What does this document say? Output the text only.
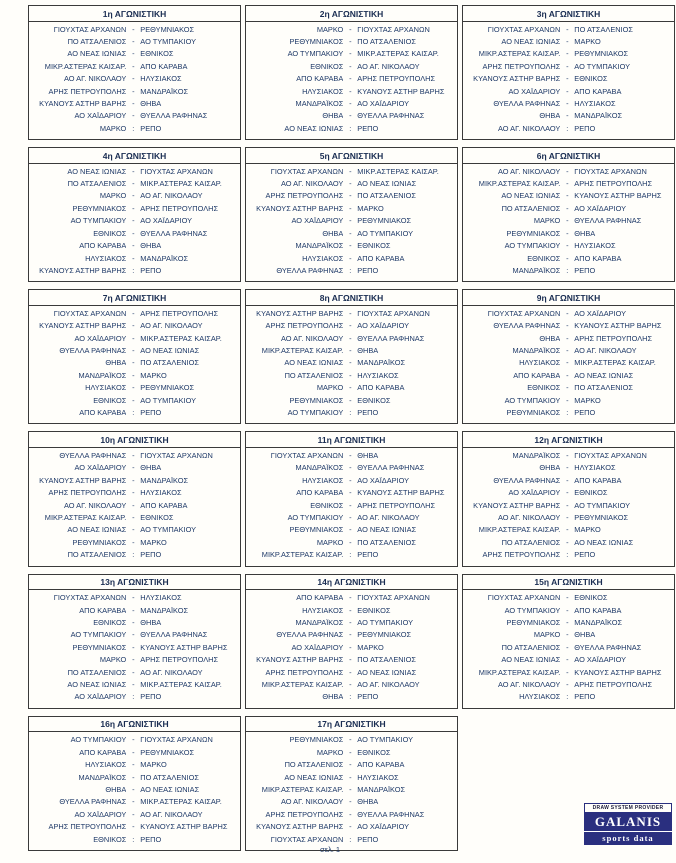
1η ΑΓΩΝΙΣΤΙΚΗ
ΓΙΟΥΧΤΑΣ ΑΡΧΑΝΩΝ - ΡΕΘΥΜΝΙΑΚΟΣ
ΠΟ ΑΤΣΑΛΕΝΙΟΣ - ΑΟ ΤΥΜΠΑΚΙΟΥ
ΑΟ ΝΕΑΣ ΙΩΝΙΑΣ - ΕΘΝΙΚΟΣ
ΜΙΚΡ.ΑΣΤΕΡΑΣ ΚΑΙΣΑΡ. - ΑΠΟ ΚΑΡΑΒΑ
ΑΟ ΑΓ. ΝΙΚΟΛΑΟΥ - ΗΛΥΣΙΑΚΟΣ
ΑΡΗΣ ΠΕΤΡΟΥΠΟΛΗΣ - ΜΑΝΔΡΑΪΚΟΣ
ΚΥΑΝΟΥΣ ΑΣΤΗΡ ΒΑΡΗΣ - ΘΗΒΑ
ΑΟ ΧΑΪΔΑΡΙΟΥ - ΘΥΕΛΛΑ ΡΑΦΗΝΑΣ
ΜΑΡΚΟ : ΡΕΠΟ
2η ΑΓΩΝΙΣΤΙΚΗ
ΜΑΡΚΟ - ΓΙΟΥΧΤΑΣ ΑΡΧΑΝΩΝ
ΡΕΘΥΜΝΙΑΚΟΣ - ΠΟ ΑΤΣΑΛΕΝΙΟΣ
ΑΟ ΤΥΜΠΑΚΙΟΥ - ΜΙΚΡ.ΑΣΤΕΡΑΣ ΚΑΙΣΑΡ.
ΕΘΝΙΚΟΣ - ΑΟ ΑΓ. ΝΙΚΟΛΑΟΥ
ΑΠΟ ΚΑΡΑΒΑ - ΑΡΗΣ ΠΕΤΡΟΥΠΟΛΗΣ
ΗΛΥΣΙΑΚΟΣ - ΚΥΑΝΟΥΣ ΑΣΤΗΡ ΒΑΡΗΣ
ΜΑΝΔΡΑΪΚΟΣ - ΑΟ ΧΑΪΔΑΡΙΟΥ
ΘΗΒΑ - ΘΥΕΛΛΑ ΡΑΦΗΝΑΣ
ΑΟ ΝΕΑΣ ΙΩΝΙΑΣ : ΡΕΠΟ
3η ΑΓΩΝΙΣΤΙΚΗ
ΓΙΟΥΧΤΑΣ ΑΡΧΑΝΩΝ - ΠΟ ΑΤΣΑΛΕΝΙΟΣ
ΑΟ ΝΕΑΣ ΙΩΝΙΑΣ - ΜΑΡΚΟ
ΜΙΚΡ.ΑΣΤΕΡΑΣ ΚΑΙΣΑΡ. - ΡΕΘΥΜΝΙΑΚΟΣ
ΑΡΗΣ ΠΕΤΡΟΥΠΟΛΗΣ - ΑΟ ΤΥΜΠΑΚΙΟΥ
ΚΥΑΝΟΥΣ ΑΣΤΗΡ ΒΑΡΗΣ - ΕΘΝΙΚΟΣ
ΑΟ ΧΑΪΔΑΡΙΟΥ - ΑΠΟ ΚΑΡΑΒΑ
ΘΥΕΛΛΑ ΡΑΦΗΝΑΣ - ΗΛΥΣΙΑΚΟΣ
ΘΗΒΑ - ΜΑΝΔΡΑΪΚΟΣ
ΑΟ ΑΓ. ΝΙΚΟΛΑΟΥ : ΡΕΠΟ
4η ΑΓΩΝΙΣΤΙΚΗ
ΑΟ ΝΕΑΣ ΙΩΝΙΑΣ - ΓΙΟΥΧΤΑΣ ΑΡΧΑΝΩΝ
ΠΟ ΑΤΣΑΛΕΝΙΟΣ - ΜΙΚΡ.ΑΣΤΕΡΑΣ ΚΑΙΣΑΡ.
ΜΑΡΚΟ - ΑΟ ΑΓ. ΝΙΚΟΛΑΟΥ
ΡΕΘΥΜΝΙΑΚΟΣ - ΑΡΗΣ ΠΕΤΡΟΥΠΟΛΗΣ
ΑΟ ΤΥΜΠΑΚΙΟΥ - ΑΟ ΧΑΪΔΑΡΙΟΥ
ΕΘΝΙΚΟΣ - ΘΥΕΛΛΑ ΡΑΦΗΝΑΣ
ΑΠΟ ΚΑΡΑΒΑ - ΘΗΒΑ
ΗΛΥΣΙΑΚΟΣ - ΜΑΝΔΡΑΪΚΟΣ
ΚΥΑΝΟΥΣ ΑΣΤΗΡ ΒΑΡΗΣ : ΡΕΠΟ
5η ΑΓΩΝΙΣΤΙΚΗ
ΓΙΟΥΧΤΑΣ ΑΡΧΑΝΩΝ - ΜΙΚΡ.ΑΣΤΕΡΑΣ ΚΑΙΣΑΡ.
ΑΟ ΑΓ. ΝΙΚΟΛΑΟΥ - ΑΟ ΝΕΑΣ ΙΩΝΙΑΣ
ΑΡΗΣ ΠΕΤΡΟΥΠΟΛΗΣ - ΠΟ ΑΤΣΑΛΕΝΙΟΣ
ΚΥΑΝΟΥΣ ΑΣΤΗΡ ΒΑΡΗΣ - ΜΑΡΚΟ
ΑΟ ΧΑΪΔΑΡΙΟΥ - ΡΕΘΥΜΝΙΑΚΟΣ
ΘΗΒΑ - ΑΟ ΤΥΜΠΑΚΙΟΥ
ΜΑΝΔΡΑΪΚΟΣ - ΕΘΝΙΚΟΣ
ΗΛΥΣΙΑΚΟΣ - ΑΠΟ ΚΑΡΑΒΑ
ΘΥΕΛΛΑ ΡΑΦΗΝΑΣ : ΡΕΠΟ
6η ΑΓΩΝΙΣΤΙΚΗ
ΑΟ ΑΓ. ΝΙΚΟΛΑΟΥ - ΓΙΟΥΧΤΑΣ ΑΡΧΑΝΩΝ
ΜΙΚΡ.ΑΣΤΕΡΑΣ ΚΑΙΣΑΡ. - ΑΡΗΣ ΠΕΤΡΟΥΠΟΛΗΣ
ΑΟ ΝΕΑΣ ΙΩΝΙΑΣ - ΚΥΑΝΟΥΣ ΑΣΤΗΡ ΒΑΡΗΣ
ΠΟ ΑΤΣΑΛΕΝΙΟΣ - ΑΟ ΧΑΪΔΑΡΙΟΥ
ΜΑΡΚΟ - ΘΥΕΛΛΑ ΡΑΦΗΝΑΣ
ΡΕΘΥΜΝΙΑΚΟΣ - ΘΗΒΑ
ΑΟ ΤΥΜΠΑΚΙΟΥ - ΗΛΥΣΙΑΚΟΣ
ΕΘΝΙΚΟΣ - ΑΠΟ ΚΑΡΑΒΑ
ΜΑΝΔΡΑΪΚΟΣ : ΡΕΠΟ
7η ΑΓΩΝΙΣΤΙΚΗ
ΓΙΟΥΧΤΑΣ ΑΡΧΑΝΩΝ - ΑΡΗΣ ΠΕΤΡΟΥΠΟΛΗΣ
ΚΥΑΝΟΥΣ ΑΣΤΗΡ ΒΑΡΗΣ - ΑΟ ΑΓ. ΝΙΚΟΛΑΟΥ
ΑΟ ΧΑΪΔΑΡΙΟΥ - ΜΙΚΡ.ΑΣΤΕΡΑΣ ΚΑΙΣΑΡ.
ΘΥΕΛΛΑ ΡΑΦΗΝΑΣ - ΑΟ ΝΕΑΣ ΙΩΝΙΑΣ
ΘΗΒΑ - ΠΟ ΑΤΣΑΛΕΝΙΟΣ
ΜΑΝΔΡΑΪΚΟΣ - ΜΑΡΚΟ
ΗΛΥΣΙΑΚΟΣ - ΡΕΘΥΜΝΙΑΚΟΣ
ΕΘΝΙΚΟΣ - ΑΟ ΤΥΜΠΑΚΙΟΥ
ΑΠΟ ΚΑΡΑΒΑ : ΡΕΠΟ
8η ΑΓΩΝΙΣΤΙΚΗ
ΚΥΑΝΟΥΣ ΑΣΤΗΡ ΒΑΡΗΣ - ΓΙΟΥΧΤΑΣ ΑΡΧΑΝΩΝ
ΑΡΗΣ ΠΕΤΡΟΥΠΟΛΗΣ - ΑΟ ΧΑΪΔΑΡΙΟΥ
ΑΟ ΑΓ. ΝΙΚΟΛΑΟΥ - ΘΥΕΛΛΑ ΡΑΦΗΝΑΣ
ΜΙΚΡ.ΑΣΤΕΡΑΣ ΚΑΙΣΑΡ. - ΘΗΒΑ
ΑΟ ΝΕΑΣ ΙΩΝΙΑΣ - ΜΑΝΔΡΑΪΚΟΣ
ΠΟ ΑΤΣΑΛΕΝΙΟΣ - ΗΛΥΣΙΑΚΟΣ
ΜΑΡΚΟ - ΑΠΟ ΚΑΡΑΒΑ
ΡΕΘΥΜΝΙΑΚΟΣ - ΕΘΝΙΚΟΣ
ΑΟ ΤΥΜΠΑΚΙΟΥ : ΡΕΠΟ
9η ΑΓΩΝΙΣΤΙΚΗ
ΓΙΟΥΧΤΑΣ ΑΡΧΑΝΩΝ - ΑΟ ΧΑΪΔΑΡΙΟΥ
ΘΥΕΛΛΑ ΡΑΦΗΝΑΣ - ΚΥΑΝΟΥΣ ΑΣΤΗΡ ΒΑΡΗΣ
ΘΗΒΑ - ΑΡΗΣ ΠΕΤΡΟΥΠΟΛΗΣ
ΜΑΝΔΡΑΪΚΟΣ - ΑΟ ΑΓ. ΝΙΚΟΛΑΟΥ
ΗΛΥΣΙΑΚΟΣ - ΜΙΚΡ.ΑΣΤΕΡΑΣ ΚΑΙΣΑΡ.
ΑΠΟ ΚΑΡΑΒΑ - ΑΟ ΝΕΑΣ ΙΩΝΙΑΣ
ΕΘΝΙΚΟΣ - ΠΟ ΑΤΣΑΛΕΝΙΟΣ
ΑΟ ΤΥΜΠΑΚΙΟΥ - ΜΑΡΚΟ
ΡΕΘΥΜΝΙΑΚΟΣ : ΡΕΠΟ
10η ΑΓΩΝΙΣΤΙΚΗ
ΘΥΕΛΛΑ ΡΑΦΗΝΑΣ - ΓΙΟΥΧΤΑΣ ΑΡΧΑΝΩΝ
ΑΟ ΧΑΪΔΑΡΙΟΥ - ΘΗΒΑ
ΚΥΑΝΟΥΣ ΑΣΤΗΡ ΒΑΡΗΣ - ΜΑΝΔΡΑΪΚΟΣ
ΑΡΗΣ ΠΕΤΡΟΥΠΟΛΗΣ - ΗΛΥΣΙΑΚΟΣ
ΑΟ ΑΓ. ΝΙΚΟΛΑΟΥ - ΑΠΟ ΚΑΡΑΒΑ
ΜΙΚΡ.ΑΣΤΕΡΑΣ ΚΑΙΣΑΡ. - ΕΘΝΙΚΟΣ
ΑΟ ΝΕΑΣ ΙΩΝΙΑΣ - ΑΟ ΤΥΜΠΑΚΙΟΥ
ΡΕΘΥΜΝΙΑΚΟΣ - ΜΑΡΚΟ
ΠΟ ΑΤΣΑΛΕΝΙΟΣ : ΡΕΠΟ
11η ΑΓΩΝΙΣΤΙΚΗ
ΓΙΟΥΧΤΑΣ ΑΡΧΑΝΩΝ - ΘΗΒΑ
ΜΑΝΔΡΑΪΚΟΣ - ΘΥΕΛΛΑ ΡΑΦΗΝΑΣ
ΗΛΥΣΙΑΚΟΣ - ΑΟ ΧΑΪΔΑΡΙΟΥ
ΑΠΟ ΚΑΡΑΒΑ - ΚΥΑΝΟΥΣ ΑΣΤΗΡ ΒΑΡΗΣ
ΕΘΝΙΚΟΣ - ΑΡΗΣ ΠΕΤΡΟΥΠΟΛΗΣ
ΑΟ ΤΥΜΠΑΚΙΟΥ - ΑΟ ΑΓ. ΝΙΚΟΛΑΟΥ
ΡΕΘΥΜΝΙΑΚΟΣ - ΑΟ ΝΕΑΣ ΙΩΝΙΑΣ
ΜΑΡΚΟ - ΠΟ ΑΤΣΑΛΕΝΙΟΣ
ΜΙΚΡ.ΑΣΤΕΡΑΣ ΚΑΙΣΑΡ. : ΡΕΠΟ
12η ΑΓΩΝΙΣΤΙΚΗ
ΜΑΝΔΡΑΪΚΟΣ - ΓΙΟΥΧΤΑΣ ΑΡΧΑΝΩΝ
ΘΗΒΑ - ΗΛΥΣΙΑΚΟΣ
ΘΥΕΛΛΑ ΡΑΦΗΝΑΣ - ΑΠΟ ΚΑΡΑΒΑ
ΑΟ ΧΑΪΔΑΡΙΟΥ - ΕΘΝΙΚΟΣ
ΚΥΑΝΟΥΣ ΑΣΤΗΡ ΒΑΡΗΣ - ΑΟ ΤΥΜΠΑΚΙΟΥ
ΑΟ ΑΓ. ΝΙΚΟΛΑΟΥ - ΡΕΘΥΜΝΙΑΚΟΣ
ΜΙΚΡ.ΑΣΤΕΡΑΣ ΚΑΙΣΑΡ. - ΜΑΡΚΟ
ΠΟ ΑΤΣΑΛΕΝΙΟΣ - ΑΟ ΝΕΑΣ ΙΩΝΙΑΣ
ΑΡΗΣ ΠΕΤΡΟΥΠΟΛΗΣ : ΡΕΠΟ
13η ΑΓΩΝΙΣΤΙΚΗ
ΓΙΟΥΧΤΑΣ ΑΡΧΑΝΩΝ - ΗΛΥΣΙΑΚΟΣ
ΑΠΟ ΚΑΡΑΒΑ - ΜΑΝΔΡΑΪΚΟΣ
ΕΘΝΙΚΟΣ - ΘΗΒΑ
ΑΟ ΤΥΜΠΑΚΙΟΥ - ΘΥΕΛΛΑ ΡΑΦΗΝΑΣ
ΡΕΘΥΜΝΙΑΚΟΣ - ΚΥΑΝΟΥΣ ΑΣΤΗΡ ΒΑΡΗΣ
ΜΑΡΚΟ - ΑΡΗΣ ΠΕΤΡΟΥΠΟΛΗΣ
ΠΟ ΑΤΣΑΛΕΝΙΟΣ - ΑΟ ΑΓ. ΝΙΚΟΛΑΟΥ
ΑΟ ΝΕΑΣ ΙΩΝΙΑΣ - ΜΙΚΡ.ΑΣΤΕΡΑΣ ΚΑΙΣΑΡ.
ΑΟ ΧΑΪΔΑΡΙΟΥ : ΡΕΠΟ
14η ΑΓΩΝΙΣΤΙΚΗ
ΑΠΟ ΚΑΡΑΒΑ - ΓΙΟΥΧΤΑΣ ΑΡΧΑΝΩΝ
ΗΛΥΣΙΑΚΟΣ - ΕΘΝΙΚΟΣ
ΜΑΝΔΡΑΪΚΟΣ - ΑΟ ΤΥΜΠΑΚΙΟΥ
ΘΥΕΛΛΑ ΡΑΦΗΝΑΣ - ΡΕΘΥΜΝΙΑΚΟΣ
ΑΟ ΧΑΪΔΑΡΙΟΥ - ΜΑΡΚΟ
ΚΥΑΝΟΥΣ ΑΣΤΗΡ ΒΑΡΗΣ - ΠΟ ΑΤΣΑΛΕΝΙΟΣ
ΑΡΗΣ ΠΕΤΡΟΥΠΟΛΗΣ - ΑΟ ΝΕΑΣ ΙΩΝΙΑΣ
ΜΙΚΡ.ΑΣΤΕΡΑΣ ΚΑΙΣΑΡ. - ΑΟ ΑΓ. ΝΙΚΟΛΑΟΥ
ΘΗΒΑ : ΡΕΠΟ
15η ΑΓΩΝΙΣΤΙΚΗ
ΓΙΟΥΧΤΑΣ ΑΡΧΑΝΩΝ - ΕΘΝΙΚΟΣ
ΑΟ ΤΥΜΠΑΚΙΟΥ - ΑΠΟ ΚΑΡΑΒΑ
ΡΕΘΥΜΝΙΑΚΟΣ - ΜΑΝΔΡΑΪΚΟΣ
ΜΑΡΚΟ - ΘΗΒΑ
ΠΟ ΑΤΣΑΛΕΝΙΟΣ - ΘΥΕΛΛΑ ΡΑΦΗΝΑΣ
ΑΟ ΝΕΑΣ ΙΩΝΙΑΣ - ΑΟ ΧΑΪΔΑΡΙΟΥ
ΜΙΚΡ.ΑΣΤΕΡΑΣ ΚΑΙΣΑΡ. - ΚΥΑΝΟΥΣ ΑΣΤΗΡ ΒΑΡΗΣ
ΑΟ ΑΓ. ΝΙΚΟΛΑΟΥ - ΑΡΗΣ ΠΕΤΡΟΥΠΟΛΗΣ
ΗΛΥΣΙΑΚΟΣ : ΡΕΠΟ
16η ΑΓΩΝΙΣΤΙΚΗ
ΑΟ ΤΥΜΠΑΚΙΟΥ - ΓΙΟΥΧΤΑΣ ΑΡΧΑΝΩΝ
ΑΠΟ ΚΑΡΑΒΑ - ΡΕΘΥΜΝΙΑΚΟΣ
ΗΛΥΣΙΑΚΟΣ - ΜΑΡΚΟ
ΜΑΝΔΡΑΪΚΟΣ - ΠΟ ΑΤΣΑΛΕΝΙΟΣ
ΘΗΒΑ - ΑΟ ΝΕΑΣ ΙΩΝΙΑΣ
ΘΥΕΛΛΑ ΡΑΦΗΝΑΣ - ΜΙΚΡ.ΑΣΤΕΡΑΣ ΚΑΙΣΑΡ.
ΑΟ ΧΑΪΔΑΡΙΟΥ - ΑΟ ΑΓ. ΝΙΚΟΛΑΟΥ
ΑΡΗΣ ΠΕΤΡΟΥΠΟΛΗΣ - ΚΥΑΝΟΥΣ ΑΣΤΗΡ ΒΑΡΗΣ
ΕΘΝΙΚΟΣ : ΡΕΠΟ
17η ΑΓΩΝΙΣΤΙΚΗ
ΡΕΘΥΜΝΙΑΚΟΣ - ΑΟ ΤΥΜΠΑΚΙΟΥ
ΜΑΡΚΟ - ΕΘΝΙΚΟΣ
ΠΟ ΑΤΣΑΛΕΝΙΟΣ - ΑΠΟ ΚΑΡΑΒΑ
ΑΟ ΝΕΑΣ ΙΩΝΙΑΣ - ΗΛΥΣΙΑΚΟΣ
ΜΙΚΡ.ΑΣΤΕΡΑΣ ΚΑΙΣΑΡ. - ΜΑΝΔΡΑΪΚΟΣ
ΑΟ ΑΓ. ΝΙΚΟΛΑΟΥ - ΘΗΒΑ
ΑΡΗΣ ΠΕΤΡΟΥΠΟΛΗΣ - ΘΥΕΛΛΑ ΡΑΦΗΝΑΣ
ΚΥΑΝΟΥΣ ΑΣΤΗΡ ΒΑΡΗΣ - ΑΟ ΧΑΪΔΑΡΙΟΥ
ΓΙΟΥΧΤΑΣ ΑΡΧΑΝΩΝ : ΡΕΠΟ
DRAW SYSTEM PROVIDER
GALANIS
sports data
σελ. 1
